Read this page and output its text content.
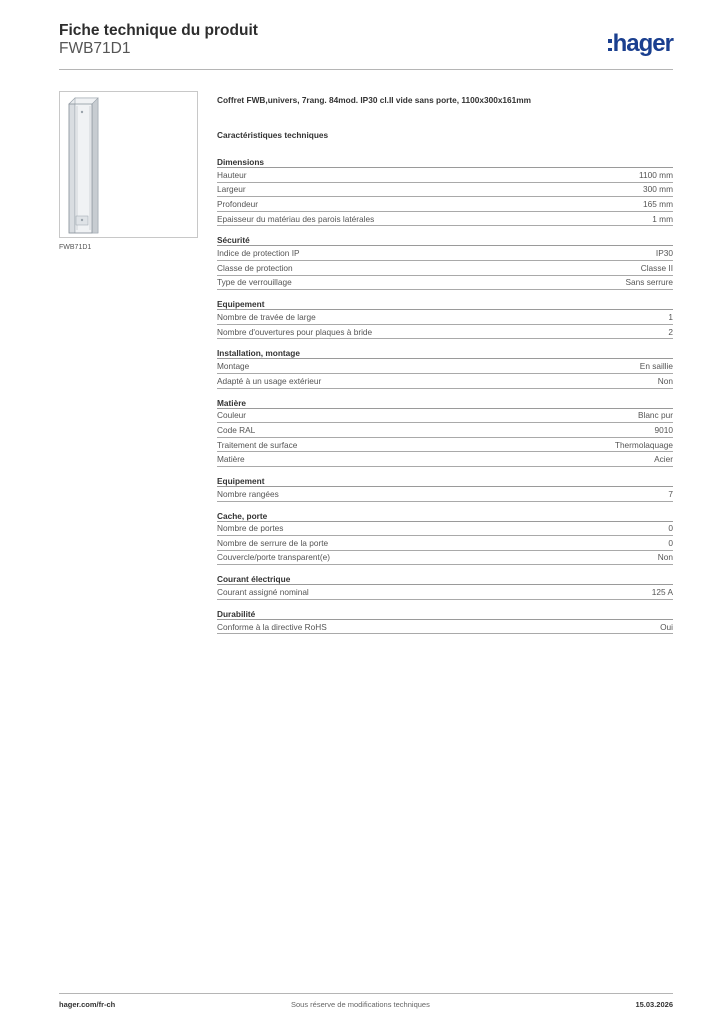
Fiche technique du produit
FWB71D1	hager
FWB71D1
Coffret FWB,univers, 7rang. 84mod. IP30 cl.II vide sans porte, 1100x300x161mm
Caractéristiques techniques
Dimensions
Hauteur	1100 mm
Largeur	300 mm
Profondeur	165 mm
Epaisseur du matériau des parois latérales	1 mm
Sécurité
Indice de protection IP	IP30
Classe de protection	Classe II
Type de verrouillage	Sans serrure
Equipement
Nombre de travée de large	1
Nombre d'ouvertures pour plaques à bride	2
Installation, montage
Montage	En saillie
Adapté à un usage extérieur	Non
Matière
Couleur	Blanc pur
Code RAL	9010
Traitement de surface	Thermolaquage
Matière	Acier
Equipement
Nombre rangées	7
Cache, porte
Nombre de portes	0
Nombre de serrure de la porte	0
Couvercle/porte transparent(e)	Non
Courant électrique
Courant assigné nominal	125 A
Durabilité
Conforme à la directive RoHS	Oui
hager.com/fr-ch	Sous réserve de modifications techniques	15.03.2026
